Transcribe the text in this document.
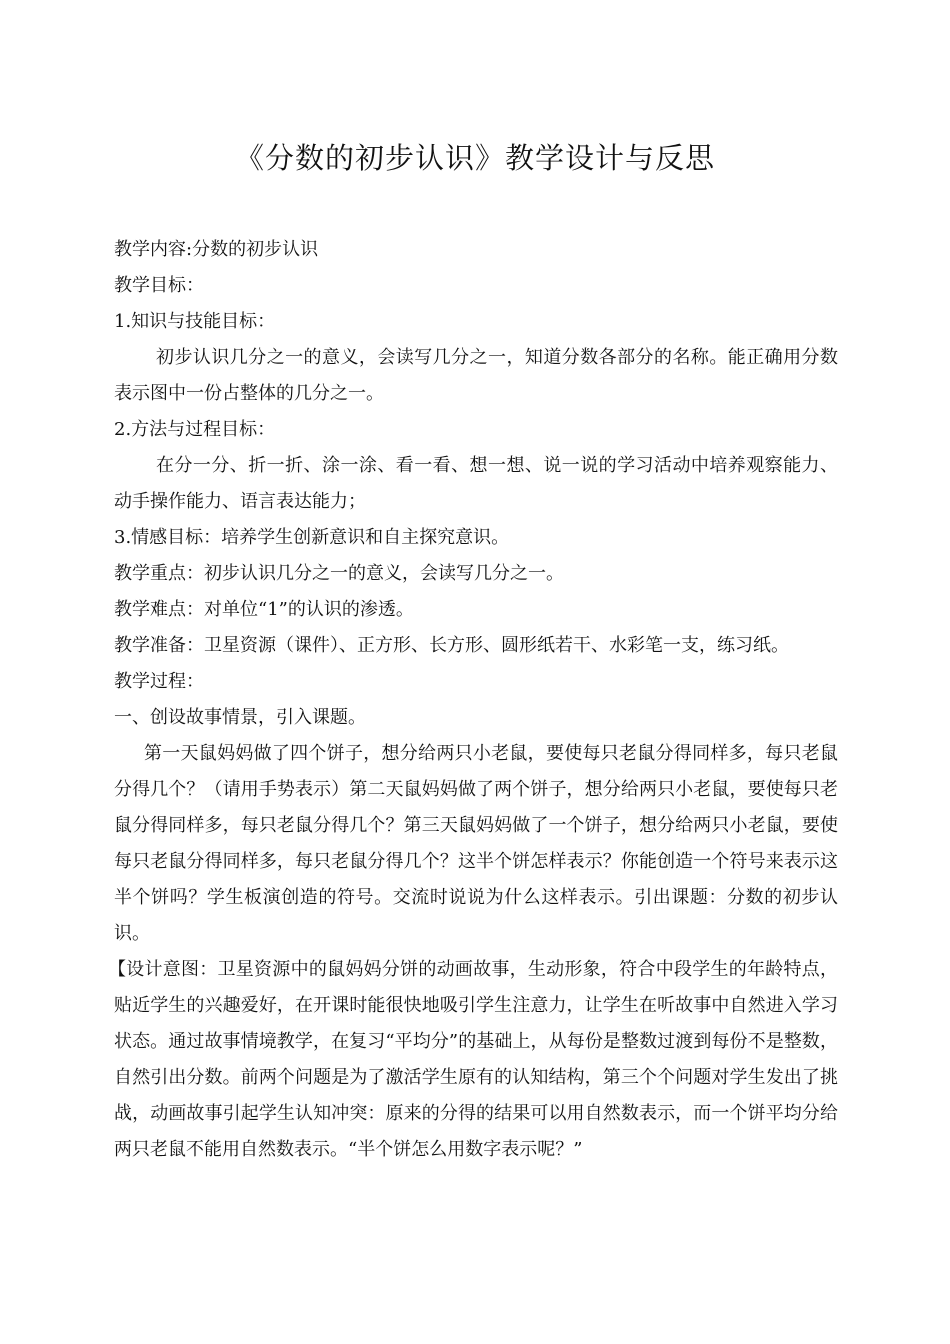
《分数的初步认识》教学设计与反思

教学内容:分数的初步认识

教学目标：

1.知识与技能目标：

初步认识几分之一的意义，会读写几分之一，知道分数各部分的名称。能正确用分数表示图中一份占整体的几分之一。

2.方法与过程目标：

在分一分、折一折、涂一涂、看一看、想一想、说一说的学习活动中培养观察能力、动手操作能力、语言表达能力；

3.情感目标：培养学生创新意识和自主探究意识。

教学重点：初步认识几分之一的意义，会读写几分之一。

教学难点：对单位“1”的认识的渗透。

教学准备：卫星资源（课件）、正方形、长方形、圆形纸若干、水彩笔一支，练习纸。

教学过程：

一、创设故事情景，引入课题。

第一天鼠妈妈做了四个饼子，想分给两只小老鼠，要使每只老鼠分得同样多，每只老鼠分得几个？（请用手势表示）第二天鼠妈妈做了两个饼子，想分给两只小老鼠，要使每只老鼠分得同样多，每只老鼠分得几个？第三天鼠妈妈做了一个饼子，想分给两只小老鼠，要使每只老鼠分得同样多，每只老鼠分得几个？这半个饼怎样表示？你能创造一个符号来表示这半个饼吗？学生板演创造的符号。交流时说说为什么这样表示。引出课题：分数的初步认识。

【设计意图：卫星资源中的鼠妈妈分饼的动画故事，生动形象，符合中段学生的年龄特点，贴近学生的兴趣爱好，在开课时能很快地吸引学生注意力，让学生在听故事中自然进入学习状态。通过故事情境教学，在复习“平均分”的基础上，从每份是整数过渡到每份不是整数，自然引出分数。前两个问题是为了激活学生原有的认知结构，第三个个问题对学生发出了挑战，动画故事引起学生认知冲突：原来的分得的结果可以用自然数表示，而一个饼平均分给两只老鼠不能用自然数表示。“半个饼怎么用数字表示呢？”
